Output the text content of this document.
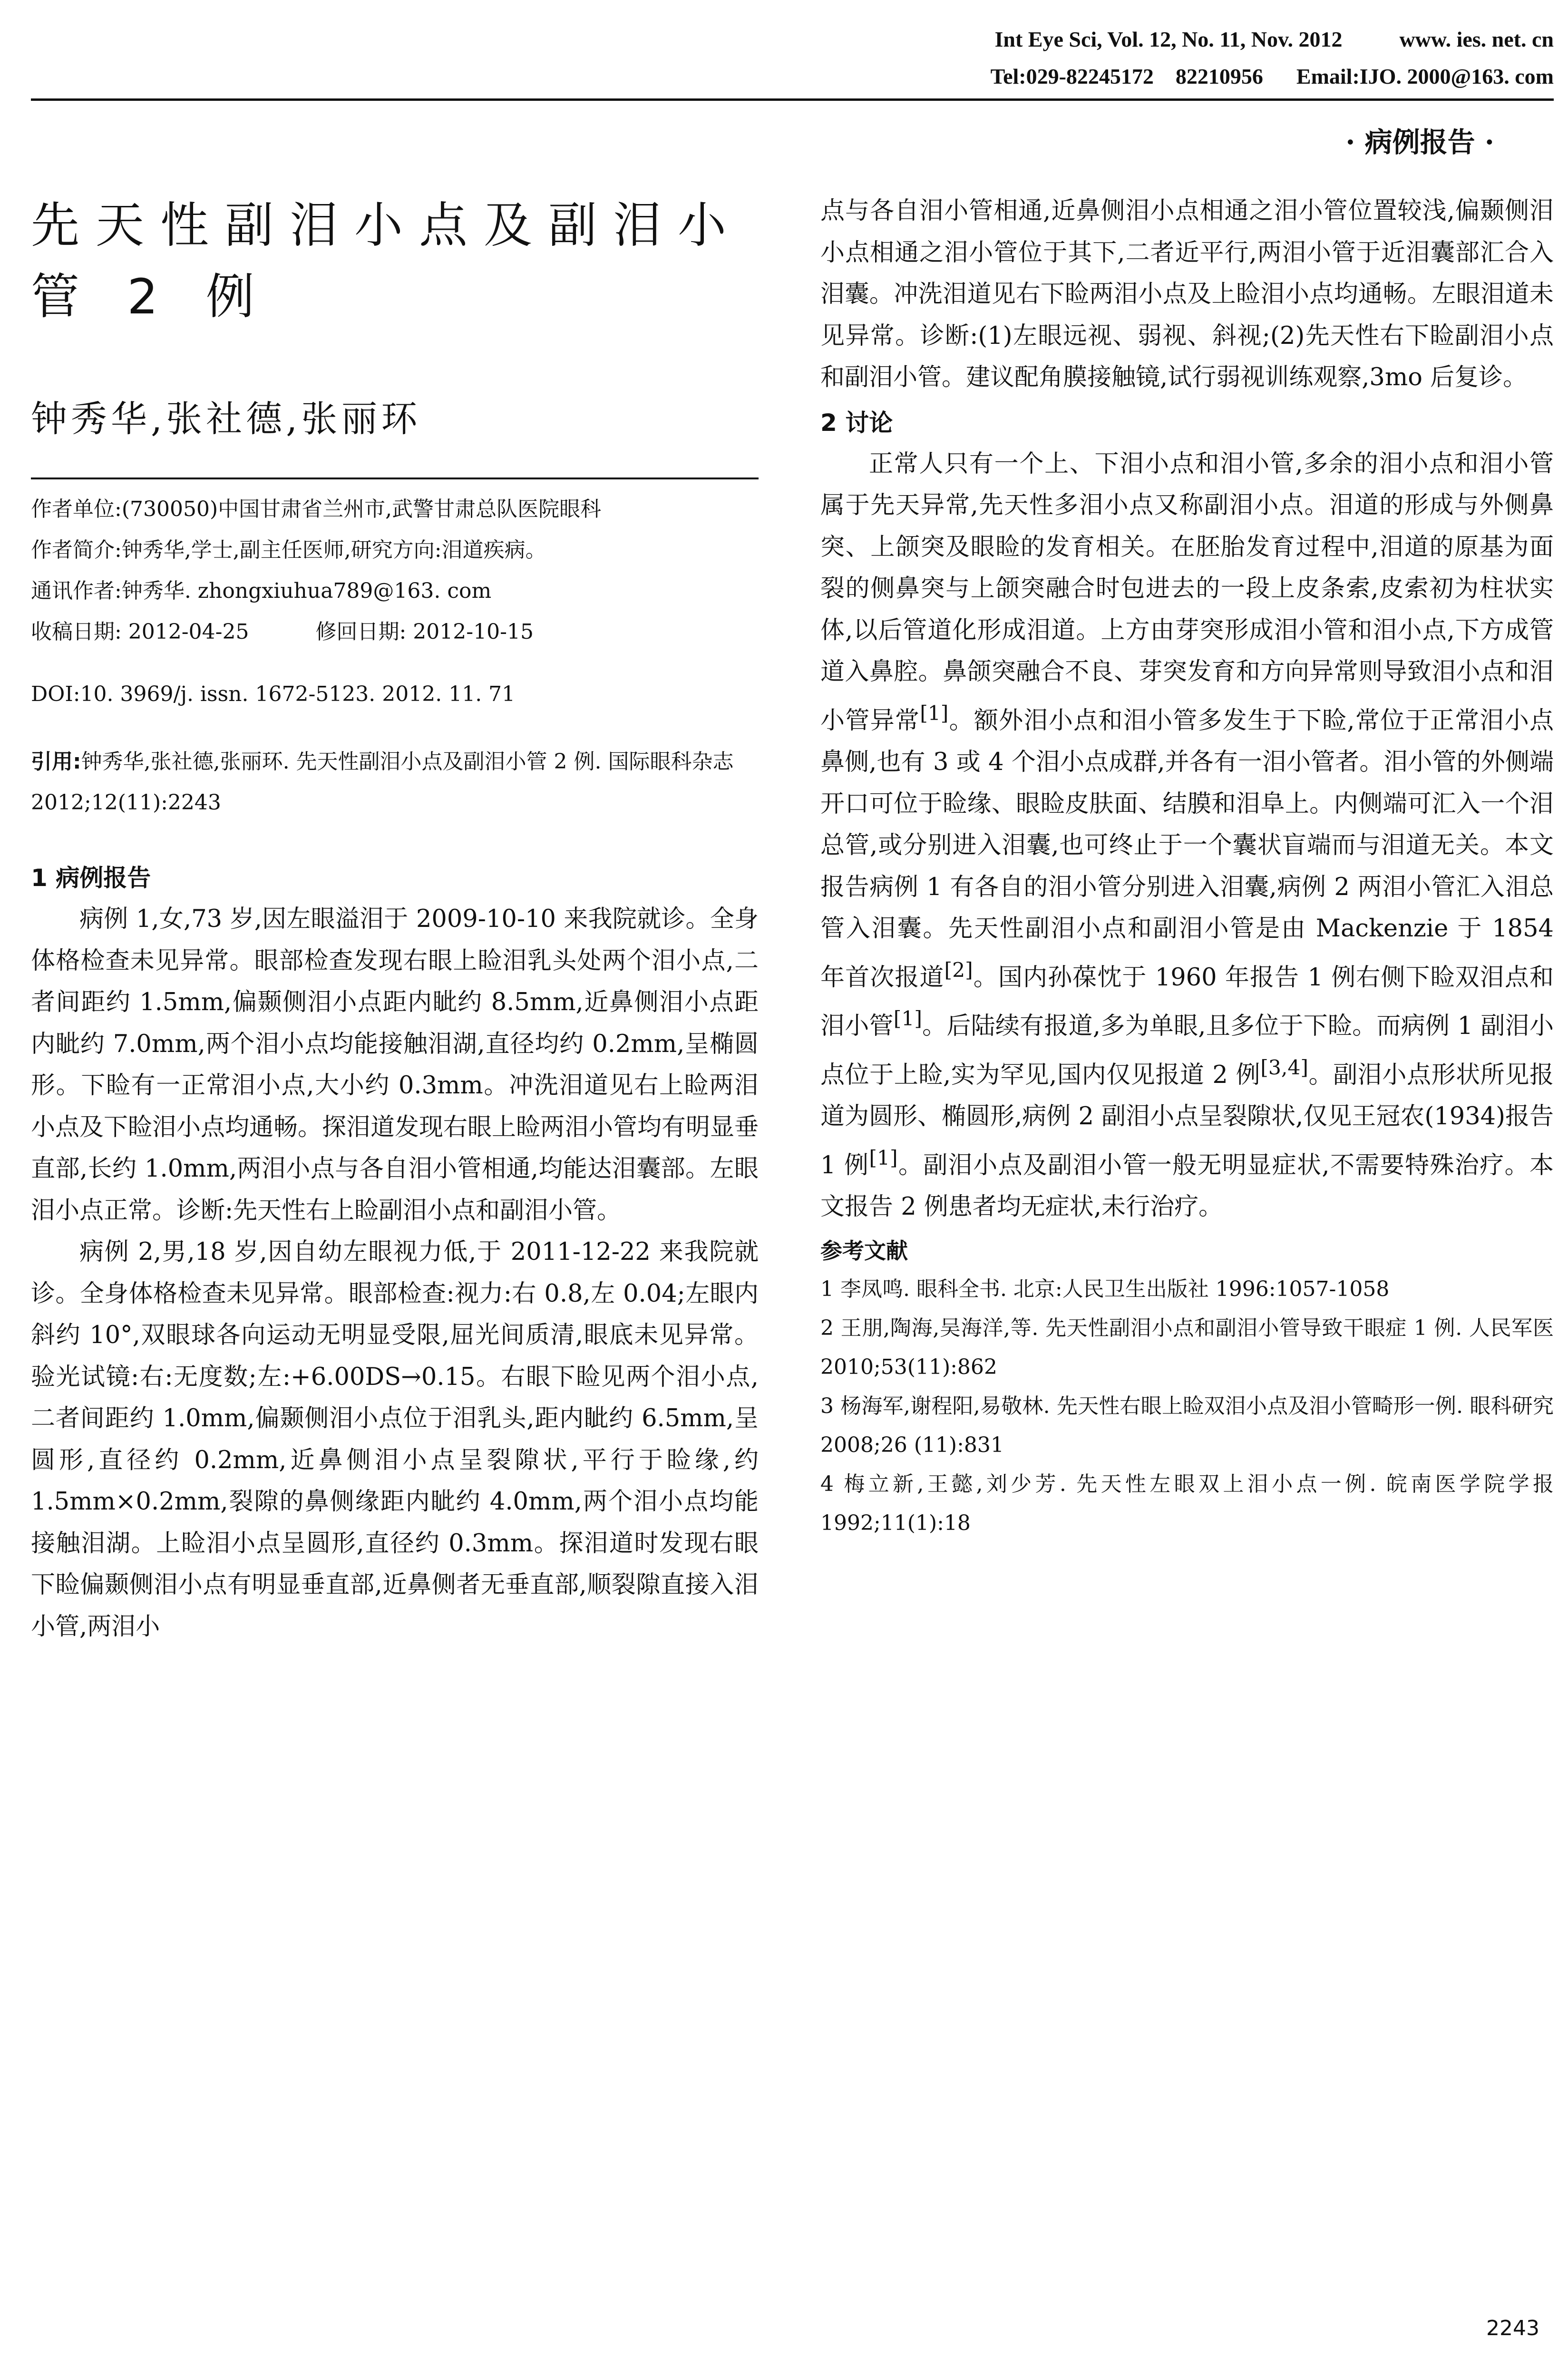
Int Eye Sci, Vol. 12, No. 11, Nov. 2012	www. ies. net. cn
Tel:029-82245172　82210956 Email:IJO. 2000@163. com
· 病例报告 ·
先天性副泪小点及副泪小管 2 例
钟秀华,张社德,张丽环
作者单位:(730050)中国甘肃省兰州市,武警甘肃总队医院眼科
作者简介:钟秀华,学士,副主任医师,研究方向:泪道疾病。
通讯作者:钟秀华. zhongxiuhua789@163. com
收稿日期: 2012-04-25	修回日期: 2012-10-15
DOI:10. 3969/j. issn. 1672-5123. 2012. 11. 71
引用:钟秀华,张社德,张丽环. 先天性副泪小点及副泪小管 2 例. 国际眼科杂志 2012;12(11):2243
1 病例报告

病例 1,女,73 岁,因左眼溢泪于 2009-10-10 来我院就诊。全身体格检查未见异常。眼部检查发现右眼上睑泪乳头处两个泪小点,二者间距约 1.5mm,偏颞侧泪小点距内眦约 8.5mm,近鼻侧泪小点距内眦约 7.0mm,两个泪小点均能接触泪湖,直径均约 0.2mm,呈椭圆形。下睑有一正常泪小点,大小约 0.3mm。冲洗泪道见右上睑两泪小点及下睑泪小点均通畅。探泪道发现右眼上睑两泪小管均有明显垂直部,长约 1.0mm,两泪小点与各自泪小管相通,均能达泪囊部。左眼泪小点正常。诊断:先天性右上睑副泪小点和副泪小管。

病例 2,男,18 岁,因自幼左眼视力低,于 2011-12-22 来我院就诊。全身体格检查未见异常。眼部检查:视力:右 0.8,左 0.04;左眼内斜约 10°,双眼球各向运动无明显受限,屈光间质清,眼底未见异常。验光试镜:右:无度数;左:+6.00DS→0.15。右眼下睑见两个泪小点,二者间距约 1.0mm,偏颞侧泪小点位于泪乳头,距内眦约 6.5mm,呈圆形,直径约 0.2mm,近鼻侧泪小点呈裂隙状,平行于睑缘,约 1.5mm×0.2mm,裂隙的鼻侧缘距内眦约 4.0mm,两个泪小点均能接触泪湖。上睑泪小点呈圆形,直径约 0.3mm。探泪道时发现右眼下睑偏颞侧泪小点有明显垂直部,近鼻侧者无垂直部,顺裂隙直接入泪小管,两泪小

点与各自泪小管相通,近鼻侧泪小点相通之泪小管位置较浅,偏颞侧泪小点相通之泪小管位于其下,二者近平行,两泪小管于近泪囊部汇合入泪囊。冲洗泪道见右下睑两泪小点及上睑泪小点均通畅。左眼泪道未见异常。诊断:(1)左眼远视、弱视、斜视;(2)先天性右下睑副泪小点和副泪小管。建议配角膜接触镜,试行弱视训练观察,3mo 后复诊。

2 讨论

正常人只有一个上、下泪小点和泪小管,多余的泪小点和泪小管属于先天异常,先天性多泪小点又称副泪小点。泪道的形成与外侧鼻突、上颌突及眼睑的发育相关。在胚胎发育过程中,泪道的原基为面裂的侧鼻突与上颌突融合时包进去的一段上皮条索,皮索初为柱状实体,以后管道化形成泪道。上方由芽突形成泪小管和泪小点,下方成管道入鼻腔。鼻颌突融合不良、芽突发育和方向异常则导致泪小点和泪小管异常[1]。额外泪小点和泪小管多发生于下睑,常位于正常泪小点鼻侧,也有 3 或 4 个泪小点成群,并各有一泪小管者。泪小管的外侧端开口可位于睑缘、眼睑皮肤面、结膜和泪阜上。内侧端可汇入一个泪总管,或分别进入泪囊,也可终止于一个囊状盲端而与泪道无关。本文报告病例 1 有各自的泪小管分别进入泪囊,病例 2 两泪小管汇入泪总管入泪囊。先天性副泪小点和副泪小管是由 Mackenzie 于 1854 年首次报道[2]。国内孙葆忱于 1960 年报告 1 例右侧下睑双泪点和泪小管[1]。后陆续有报道,多为单眼,且多位于下睑。而病例 1 副泪小点位于上睑,实为罕见,国内仅见报道 2 例[3,4]。副泪小点形状所见报道为圆形、椭圆形,病例 2 副泪小点呈裂隙状,仅见王冠农(1934)报告 1 例[1]。副泪小点及副泪小管一般无明显症状,不需要特殊治疗。本文报告 2 例患者均无症状,未行治疗。

参考文献
1 李凤鸣. 眼科全书. 北京:人民卫生出版社 1996:1057-1058
2 王朋,陶海,吴海洋,等. 先天性副泪小点和副泪小管导致干眼症 1 例. 人民军医 2010;53(11):862
3 杨海军,谢程阳,易敬林. 先天性右眼上睑双泪小点及泪小管畸形一例. 眼科研究 2008;26 (11):831
4 梅立新,王懿,刘少芳. 先天性左眼双上泪小点一例. 皖南医学院学报 1992;11(1):18
2243
